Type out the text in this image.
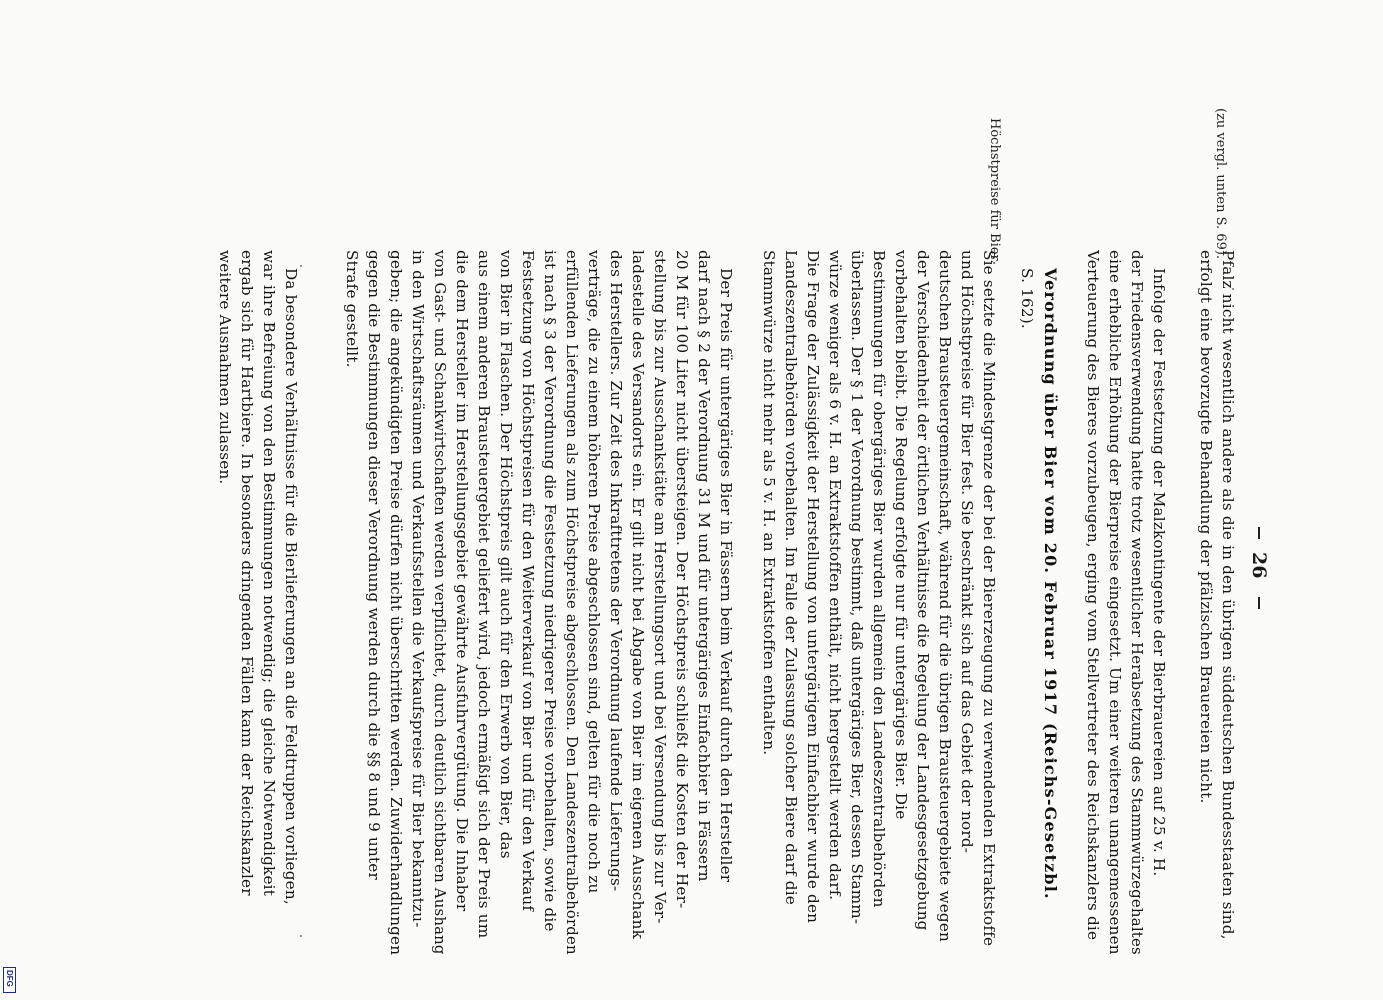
26
(zu vergl. unten S. 69).
Höchstpreise für Bier.
Pfalz nicht wesentlich andere als die in den übrigen süddeutschen Bundesstaaten sind,
erfolgt eine bevorzugte Behandlung der pfälzischen Brauereien nicht.
Infolge der Festsetzung der Malzkontingente der Bierbrauereien auf 25 v. H.
der Friedensverwendung hatte trotz wesentlicher Herabsetzung des Stammwürzegehaltes
eine erhebliche Erhöhung der Bierpreise eingesetzt. Um einer weiteren unangemessenen
Verteuerung des Bieres vorzubeugen, erging vom Stellvertreter des Reichskanzlers die
Verordnung über Bier vom 20. Februar 1917 (Reichs-Gesetzbl.
S. 162).
Sie setzte die Mindestgrenze der bei der Biererzeugung zu verwendenden Extraktstoffe
und Höchstpreise für Bier fest. Sie beschränkt sich auf das Gebiet der nord-
deutschen Brausteuergemeinschaft, während für die übrigen Brausteuergebiete wegen
der Verschiedenheit der örtlichen Verhältnisse die Regelung der Landesgesetzgebung
vorbehalten bleibt. Die Regelung erfolgte nur für untergäriges Bier. Die
Bestimmungen für obergäriges Bier wurden allgemein den Landeszentralbehörden
überlassen. Der § 1 der Verordnung bestimmt, daß untergäriges Bier, dessen Stamm-
würze weniger als 6 v. H. an Extraktstoffen enthält, nicht hergestellt werden darf.
Die Frage der Zulässigkeit der Herstellung von untergärigem Einfachbier wurde den
Landeszentralbehörden vorbehalten. Im Falle der Zulassung solcher Biere darf die
Stammwürze nicht mehr als 5 v. H. an Extraktstoffen enthalten.
Der Preis für untergäriges Bier in Fässern beim Verkauf durch den Hersteller
darf nach § 2 der Verordnung 31 M und für untergäriges Einfachbier in Fässern
20 M für 100 Liter nicht übersteigen. Der Höchstpreis schließt die Kosten der Her-
stellung bis zur Ausschankstätte am Herstellungsort und bei Versendung bis zur Ver-
ladestelle des Versandorts ein. Er gilt nicht bei Abgabe von Bier im eigenen Ausschank
des Herstellers. Zur Zeit des Inkrafttretens der Verordnung laufende Lieferungs-
verträge, die zu einem höheren Preise abgeschlossen sind, gelten für die noch zu
erfüllenden Lieferungen als zum Höchstpreise abgeschlossen. Den Landeszentralbehörden
ist nach § 3 der Verordnung die Festsetzung niedrigerer Preise vorbehalten, sowie die
Festsetzung von Höchstpreisen für den Weiterverkauf von Bier und für den Verkauf
von Bier in Flaschen. Der Höchstpreis gilt auch für den Erwerb von Bier, das
aus einem anderen Brausteuergebiet geliefert wird, jedoch ermäßigt sich der Preis um
die dem Hersteller im Herstellungsgebiet gewährte Ausfuhrvergütung. Die Inhaber
von Gast- und Schankwirtschaften werden verpflichtet, durch deutlich sichtbaren Aushang
in den Wirtschaftsräumen und Verkaufsstellen die Verkaufspreise für Bier bekanntzu-
geben; die angekündigten Preise dürfen nicht überschritten werden. Zuwiderhandlungen
gegen die Bestimmungen dieser Verordnung werden durch die §§ 8 und 9 unter
Strafe gestellt.
Da besondere Verhältnisse für die Bierlieferungen an die Feldtruppen vorliegen,
war ihre Befreiung von den Bestimmungen notwendig; die gleiche Notwendigkeit
ergab sich für Hartbiere. In besonders dringenden Fällen kann der Reichskanzler
weitere Ausnahmen zulassen.
DFG
